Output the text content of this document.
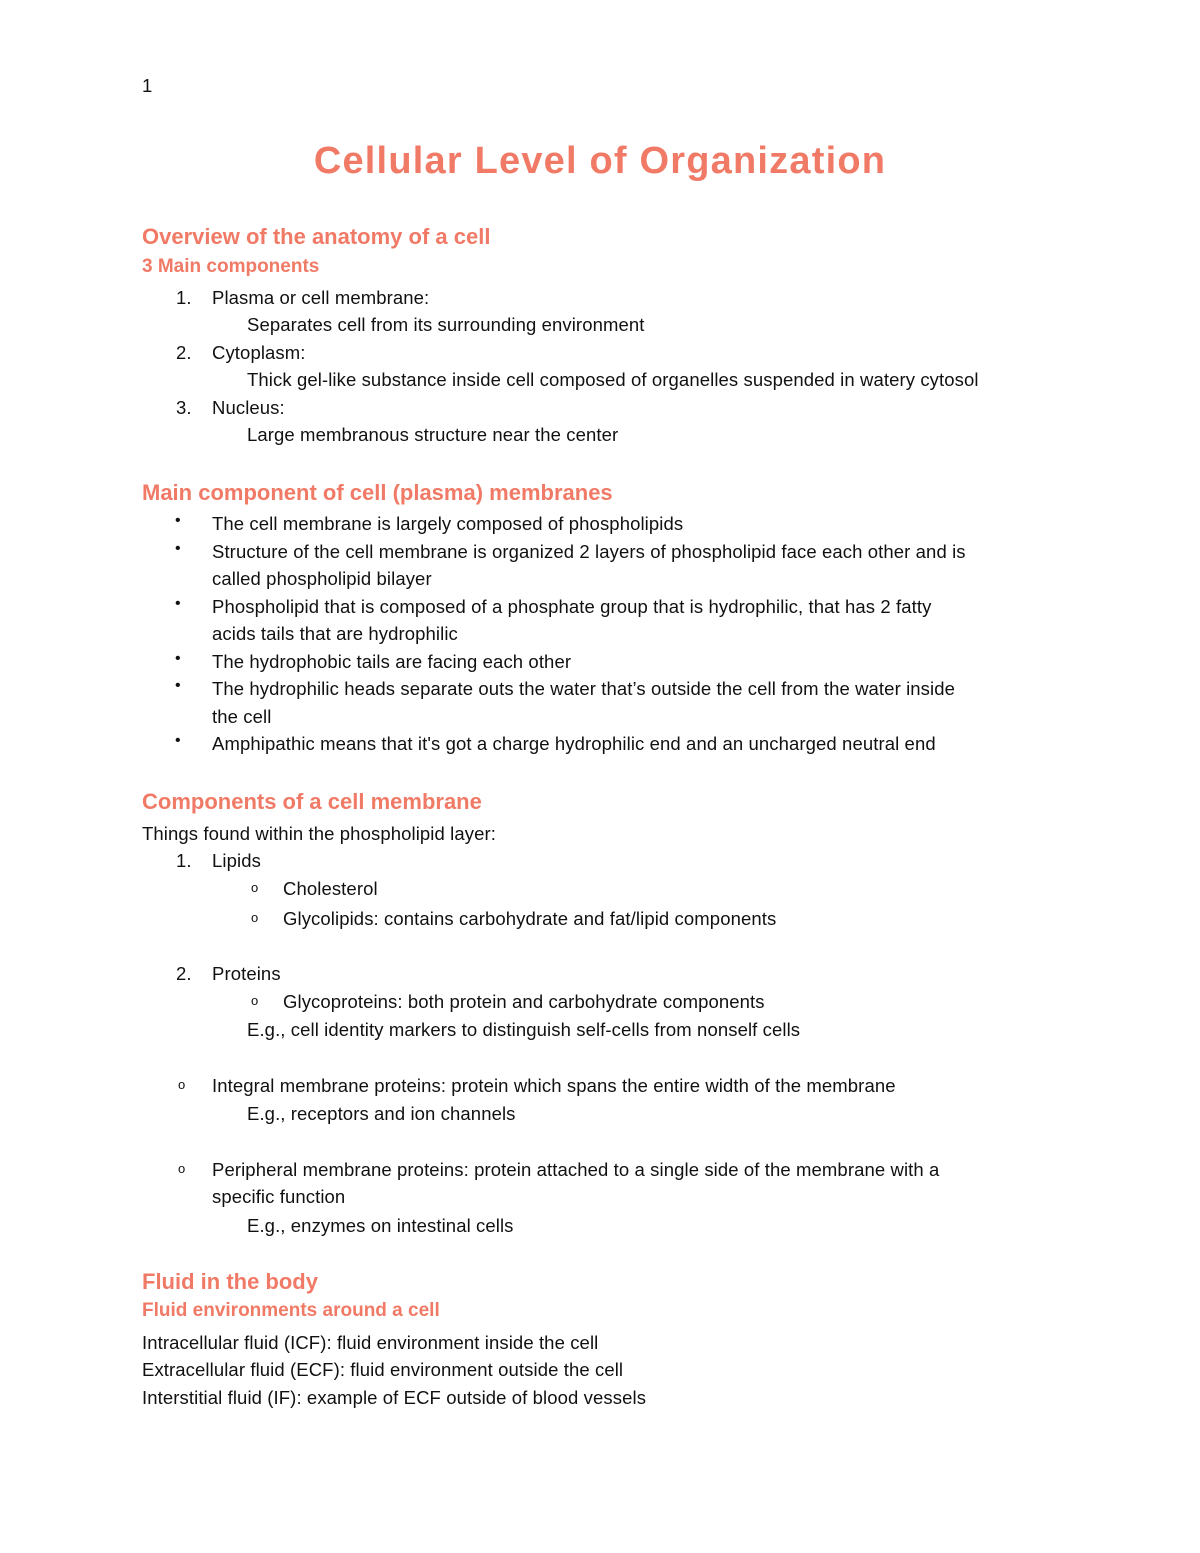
1
Cellular Level of Organization
Overview of the anatomy of a cell
3 Main components
1. Plasma or cell membrane:
Separates cell from its surrounding environment
2. Cytoplasm:
Thick gel-like substance inside cell composed of organelles suspended in watery cytosol
3. Nucleus:
Large membranous structure near the center
Main component of cell (plasma) membranes
• The cell membrane is largely composed of phospholipids
• Structure of the cell membrane is organized 2 layers of phospholipid face each other and is
called phospholipid bilayer
• Phospholipid that is composed of a phosphate group that is hydrophilic, that has 2 fatty
acids tails that are hydrophilic
• The hydrophobic tails are facing each other
• The hydrophilic heads separate outs the water that’s outside the cell from the water inside
the cell
• Amphipathic means that it's got a charge hydrophilic end and an uncharged neutral end
Components of a cell membrane
Things found within the phospholipid layer:
1. Lipids
o Cholesterol
o Glycolipids: contains carbohydrate and fat/lipid components
2. Proteins
o Glycoproteins: both protein and carbohydrate components
E.g., cell identity markers to distinguish self-cells from nonself cells
o Integral membrane proteins: protein which spans the entire width of the membrane
E.g., receptors and ion channels
o Peripheral membrane proteins: protein attached to a single side of the membrane with a
specific function
E.g., enzymes on intestinal cells
Fluid in the body
Fluid environments around a cell
Intracellular fluid (ICF): fluid environment inside the cell
Extracellular fluid (ECF): fluid environment outside the cell
Interstitial fluid (IF): example of ECF outside of blood vessels
